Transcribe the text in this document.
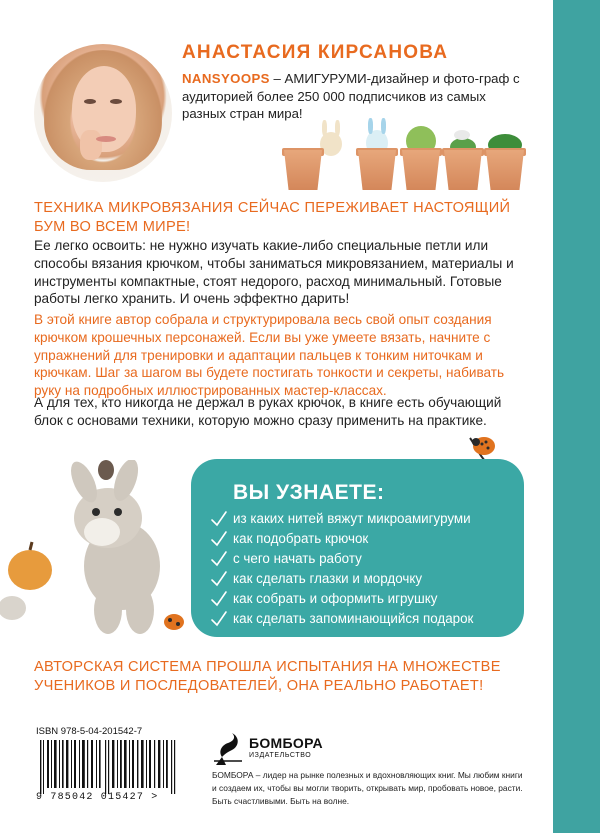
АНАСТАСИЯ КИРСАНОВА
NANSYOOPS – АМИГУРУМИ-дизайнер и фото-граф с аудиторией более 250 000 подписчиков из самых разных стран мира!
ТЕХНИКА МИКРОВЯЗАНИЯ СЕЙЧАС ПЕРЕЖИВАЕТ НАСТОЯЩИЙ БУМ ВО ВСЕМ МИРЕ!
Ее легко освоить: не нужно изучать какие-либо специальные петли или способы вязания крючком, чтобы заниматься микровязанием, материалы и инструменты компактные, стоят недорого, расход минимальный. Готовые работы легко хранить. И очень эффектно дарить!
В этой книге автор собрала и структурировала весь свой опыт создания крючком крошечных персонажей. Если вы уже умеете вязать, начните с упражнений для тренировки и адаптации пальцев к тонким ниточкам и крючкам. Шаг за шагом вы будете постигать тонкости и секреты, набивать руку на подробных иллюстрированных мастер-классах.
А для тех, кто никогда не держал в руках крючок, в книге есть обучающий блок с основами техники, которую можно сразу применить на практике.
ВЫ УЗНАЕТЕ:
из каких нитей вяжут микроамигуруми
как подобрать крючок
с чего начать работу
как сделать глазки и мордочку
как собрать и оформить игрушку
как сделать запоминающийся подарок
АВТОРСКАЯ СИСТЕМА ПРОШЛА ИСПЫТАНИЯ НА МНОЖЕСТВЕ УЧЕНИКОВ И ПОСЛЕДОВАТЕЛЕЙ, ОНА РЕАЛЬНО РАБОТАЕТ!
ISBN 978-5-04-201542-7
9 785042 015427 >
БОМБОРА
ИЗДАТЕЛЬСТВО
БОМБОРА – лидер на рынке полезных и вдохновляющих книг. Мы любим книги и создаем их, чтобы вы могли творить, открывать мир, пробовать новое, расти. Быть счастливыми. Быть на волне.
